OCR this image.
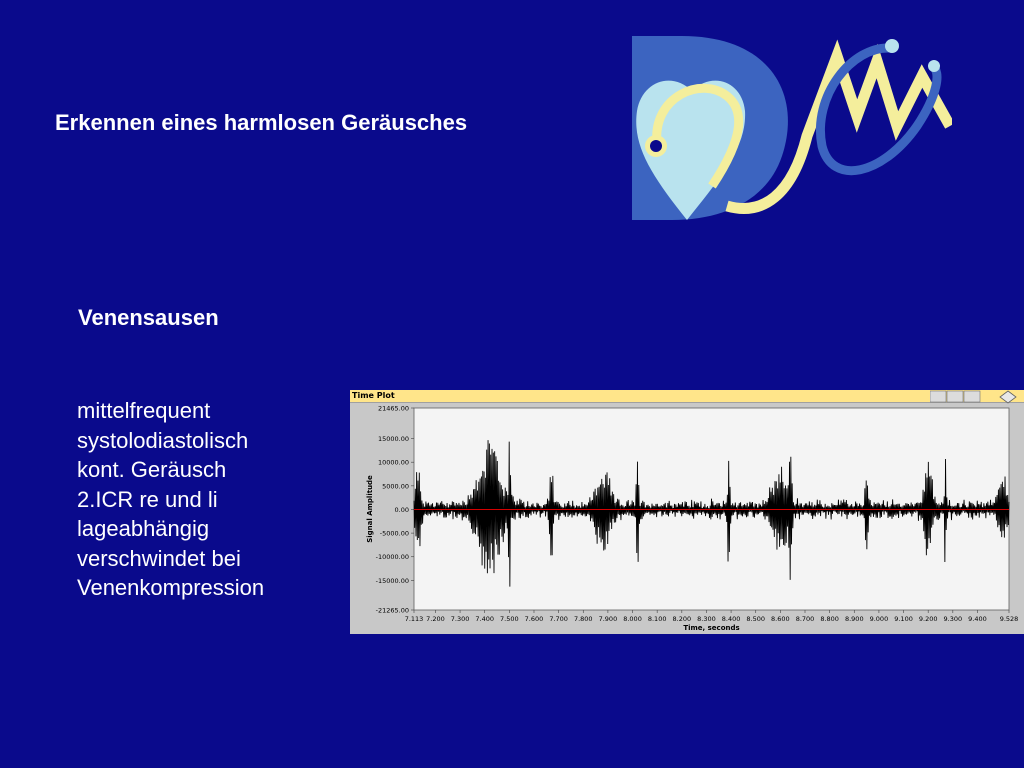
Erkennen eines harmlosen Geräusches
Venensausen
mittelfrequent
systolodiastolisch
kont. Geräusch
2.ICR re und li
lageabhängig
verschwindet bei
Venenkompression
21465.00
15000.00
10000.00
5000.00
0.00
-5000.00
-10000.00
-15000.00
-21265.00
7.113 7.200 7.300 7.400 7.500 7.600 7.700 7.800 7.900 8.000 8.100 8.200 8.300 8.400 8.500 8.600 8.700 8.800 8.900 9.000 9.100 9.200 9.300 9.400 9.528
Time, seconds
Signal Amplitude
Time Plot
